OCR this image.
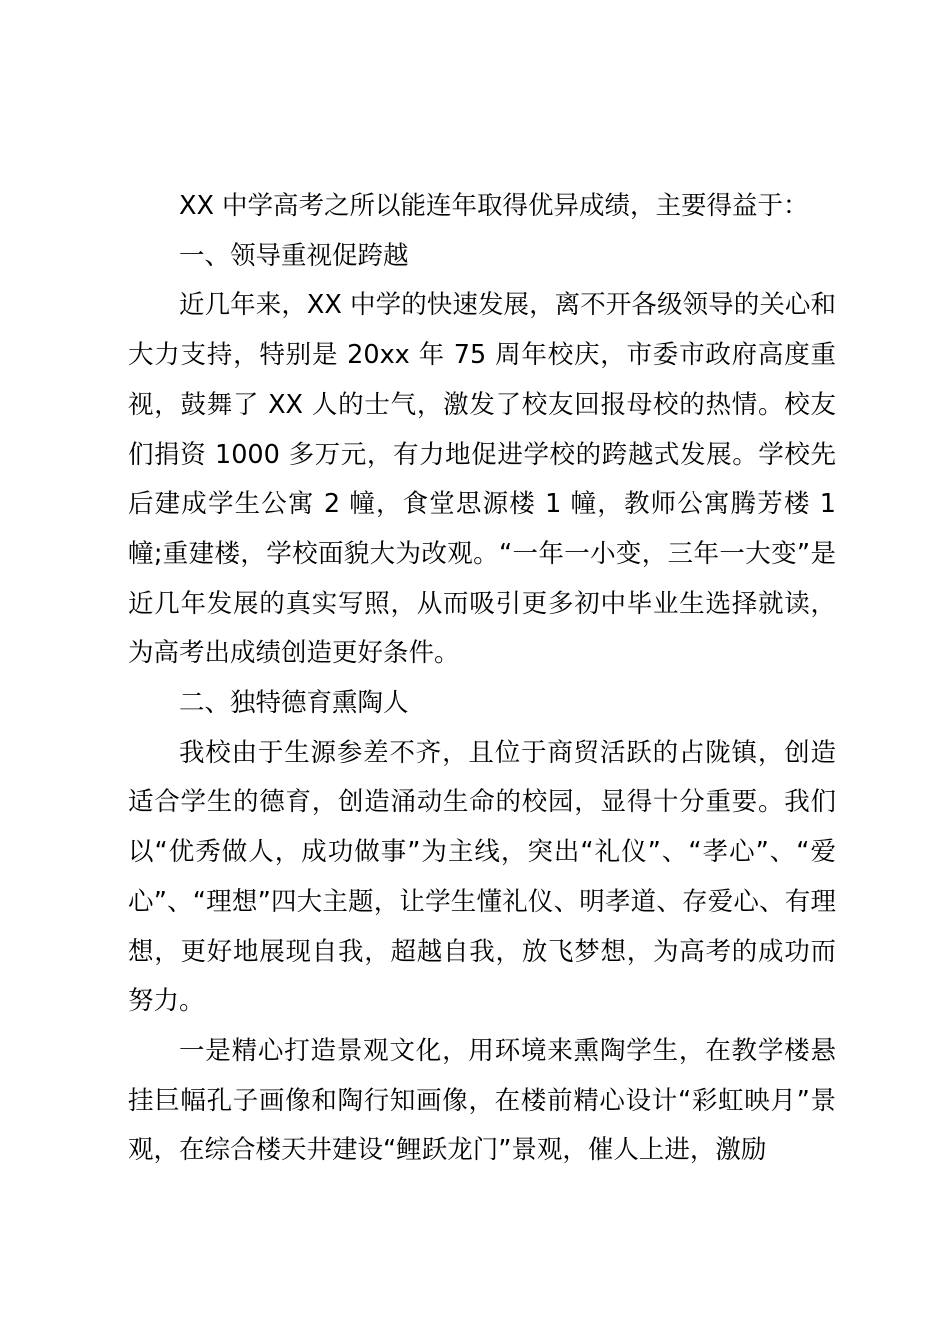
XX 中学高考之所以能连年取得优异成绩，主要得益于：

一、领导重视促跨越

近几年来，XX 中学的快速发展，离不开各级领导的关心和大力支持，特别是 20xx 年 75 周年校庆，市委市政府高度重视，鼓舞了 XX 人的士气，激发了校友回报母校的热情。校友们捐资 1000 多万元，有力地促进学校的跨越式发展。学校先后建成学生公寓 2 幢，食堂思源楼 1 幢，教师公寓腾芳楼 1 幢;重建楼，学校面貌大为改观。“一年一小变，三年一大变”是近几年发展的真实写照，从而吸引更多初中毕业生选择就读，为高考出成绩创造更好条件。

二、独特德育熏陶人

我校由于生源参差不齐，且位于商贸活跃的占陇镇，创造适合学生的德育，创造涌动生命的校园，显得十分重要。我们以“优秀做人，成功做事”为主线，突出“礼仪”、“孝心”、“爱心”、“理想”四大主题，让学生懂礼仪、明孝道、存爱心、有理想，更好地展现自我，超越自我，放飞梦想，为高考的成功而努力。

一是精心打造景观文化，用环境来熏陶学生，在教学楼悬挂巨幅孔子画像和陶行知画像，在楼前精心设计“彩虹映月”景观，在综合楼天井建设“鲤跃龙门”景观，催人上进，激励
